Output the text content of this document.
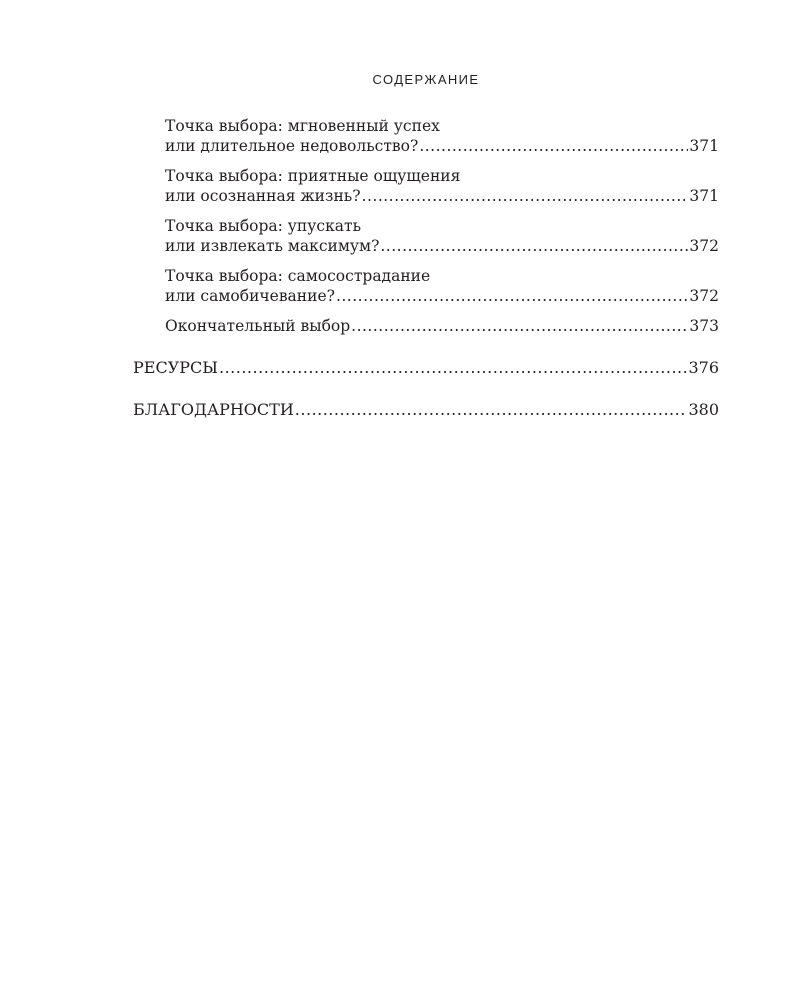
СОДЕРЖАНИЕ
Точка выбора: мгновенный успех
или длительное недовольство? .....	371
Точка выбора: приятные ощущения
или осознанная жизнь? .....	371
Точка выбора: упускать
или извлекать максимум? .....	372
Точка выбора: самосострадание
или самобичевание? .....	372
Окончательный выбор .....	373
РЕСУРСЫ .....	376
БЛАГОДАРНОСТИ .....	380
